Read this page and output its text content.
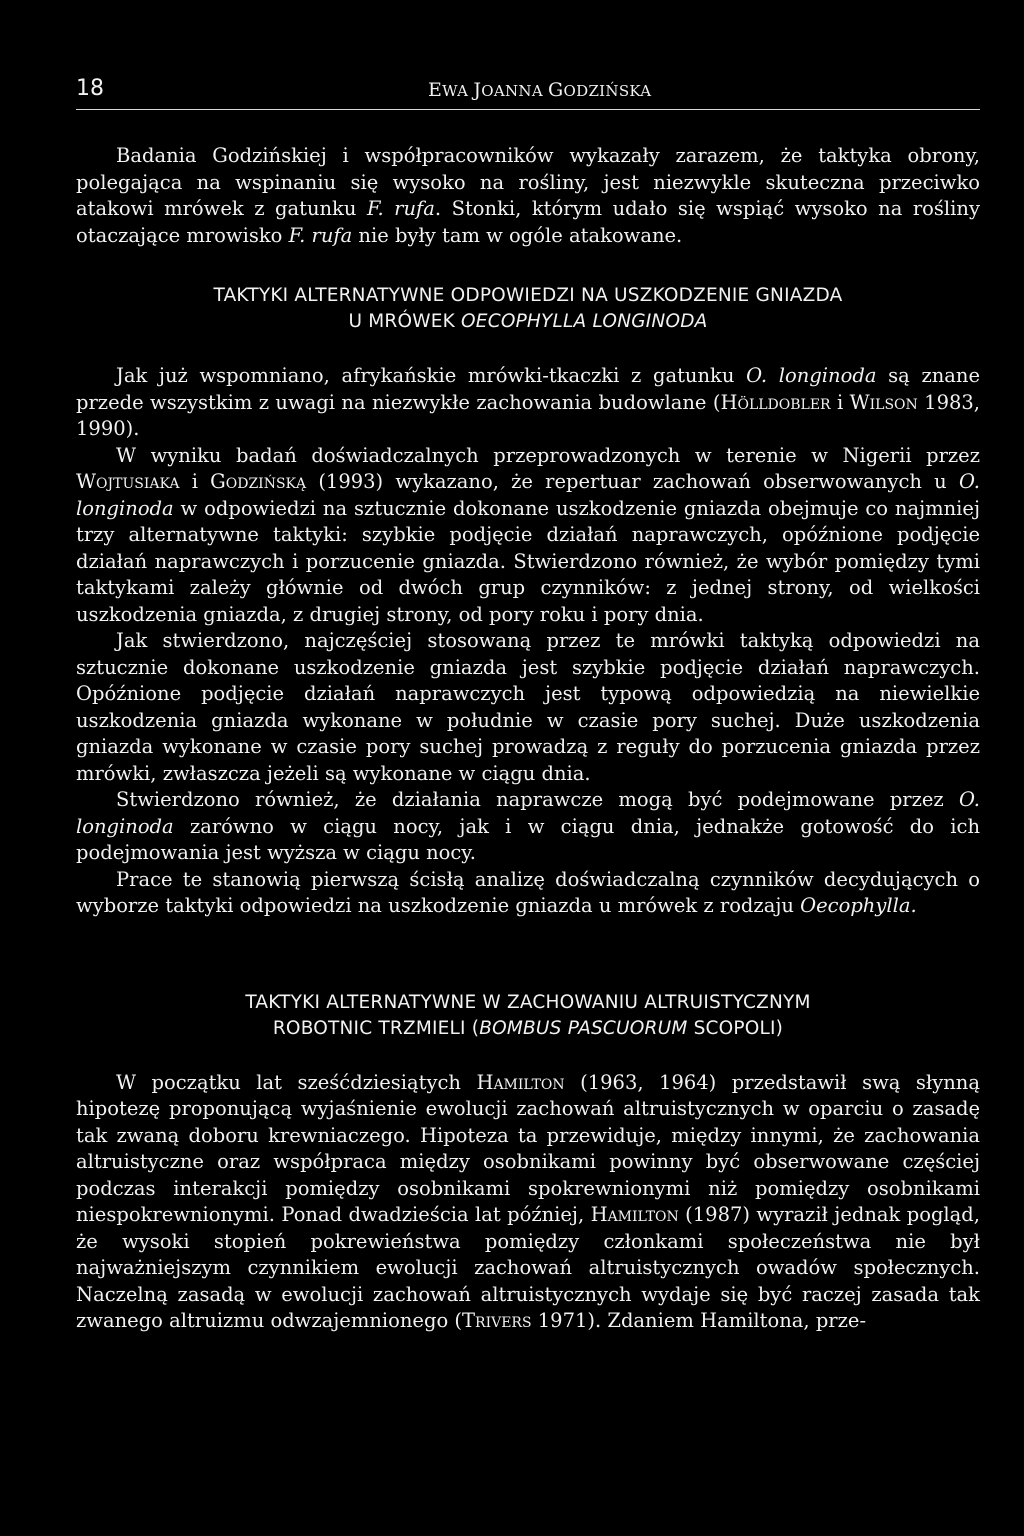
18	EWA JOANNA GODZIŃSKA

Badania Godzińskiej i współpracowników wykazały zarazem, że taktyka obrony, polegająca na wspinaniu się wysoko na rośliny, jest niezwykle skuteczna przeciwko atakowi mrówek z gatunku F. rufa. Stonki, którym udało się wspiąć wysoko na rośliny otaczające mrowisko F. rufa nie były tam w ogóle atakowane.

TAKTYKI ALTERNATYWNE ODPOWIEDZI NA USZKODZENIE GNIAZDA
U MRÓWEK OECOPHYLLA LONGINODA

Jak już wspomniano, afrykańskie mrówki-tkaczki z gatunku O. longinoda są znane przede wszystkim z uwagi na niezwykłe zachowania budowlane (Hölldobler i Wilson 1983, 1990).

W wyniku badań doświadczalnych przeprowadzonych w terenie w Nigerii przez Wojtusiaka i Godzińską (1993) wykazano, że repertuar zachowań obserwowanych u O. longinoda w odpowiedzi na sztucznie dokonane uszkodzenie gniazda obejmuje co najmniej trzy alternatywne taktyki: szybkie podjęcie działań naprawczych, opóźnione podjęcie działań naprawczych i porzucenie gniazda. Stwierdzono również, że wybór pomiędzy tymi taktykami zależy głównie od dwóch grup czynników: z jednej strony, od wielkości uszkodzenia gniazda, z drugiej strony, od pory roku i pory dnia.

Jak stwierdzono, najczęściej stosowaną przez te mrówki taktyką odpowiedzi na sztucznie dokonane uszkodzenie gniazda jest szybkie podjęcie działań naprawczych. Opóźnione podjęcie działań naprawczych jest typową odpowiedzią na niewielkie uszkodzenia gniazda wykonane w południe w czasie pory suchej. Duże uszkodzenia gniazda wykonane w czasie pory suchej prowadzą z reguły do porzucenia gniazda przez mrówki, zwłaszcza jeżeli są wykonane w ciągu dnia.

Stwierdzono również, że działania naprawcze mogą być podejmowane przez O. longinoda zarówno w ciągu nocy, jak i w ciągu dnia, jednakże gotowość do ich podejmowania jest wyższa w ciągu nocy.

Prace te stanowią pierwszą ścisłą analizę doświadczalną czynników decydujących o wyborze taktyki odpowiedzi na uszkodzenie gniazda u mrówek z rodzaju Oecophylla.

TAKTYKI ALTERNATYWNE W ZACHOWANIU ALTRUISTYCZNYM
ROBOTNIC TRZMIELI (BOMBUS PASCUORUM SCOPOLI)

W początku lat sześćdziesiątych Hamilton (1963, 1964) przedstawił swą słynną hipotezę proponującą wyjaśnienie ewolucji zachowań altruistycznych w oparciu o zasadę tak zwaną doboru krewniaczego. Hipoteza ta przewiduje, między innymi, że zachowania altruistyczne oraz współpraca między osobnikami powinny być obserwowane częściej podczas interakcji pomiędzy osobnikami spokrewnionymi niż pomiędzy osobnikami niespokrewnionymi. Ponad dwadzieścia lat później, Hamilton (1987) wyraził jednak pogląd, że wysoki stopień pokrewieństwa pomiędzy członkami społeczeństwa nie był najważniejszym czynnikiem ewolucji zachowań altruistycznych owadów społecznych. Naczelną zasadą w ewolucji zachowań altruistycznych wydaje się być raczej zasada tak zwanego altruizmu odwzajemnionego (Trivers 1971). Zdaniem Hamiltona, prze-
